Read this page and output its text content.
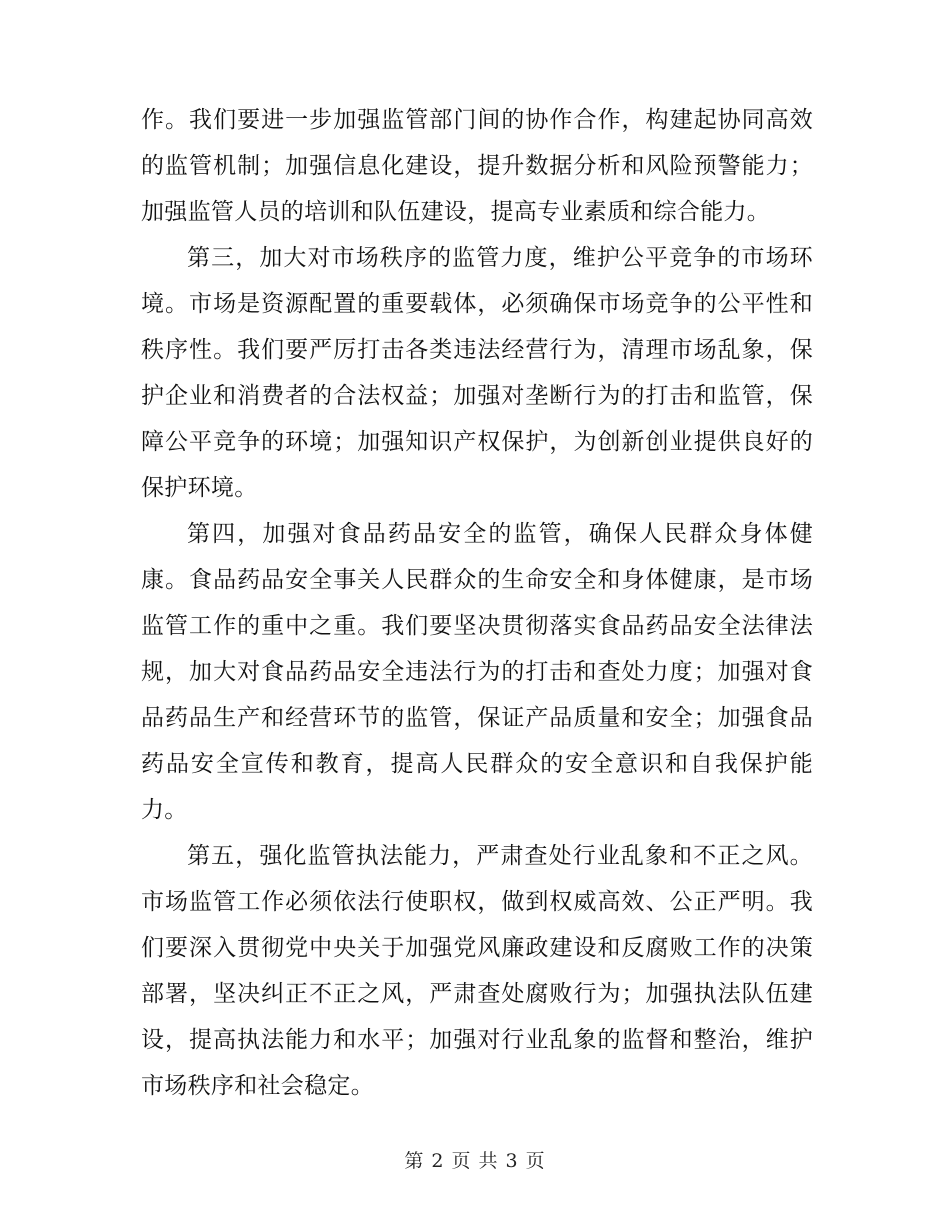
作。我们要进一步加强监管部门间的协作合作，构建起协同高效的监管机制；加强信息化建设，提升数据分析和风险预警能力；加强监管人员的培训和队伍建设，提高专业素质和综合能力。

第三，加大对市场秩序的监管力度，维护公平竞争的市场环境。市场是资源配置的重要载体，必须确保市场竞争的公平性和秩序性。我们要严厉打击各类违法经营行为，清理市场乱象，保护企业和消费者的合法权益；加强对垄断行为的打击和监管，保障公平竞争的环境；加强知识产权保护，为创新创业提供良好的保护环境。

第四，加强对食品药品安全的监管，确保人民群众身体健康。食品药品安全事关人民群众的生命安全和身体健康，是市场监管工作的重中之重。我们要坚决贯彻落实食品药品安全法律法规，加大对食品药品安全违法行为的打击和查处力度；加强对食品药品生产和经营环节的监管，保证产品质量和安全；加强食品药品安全宣传和教育，提高人民群众的安全意识和自我保护能力。

第五，强化监管执法能力，严肃查处行业乱象和不正之风。市场监管工作必须依法行使职权，做到权威高效、公正严明。我们要深入贯彻党中央关于加强党风廉政建设和反腐败工作的决策部署，坚决纠正不正之风，严肃查处腐败行为；加强执法队伍建设，提高执法能力和水平；加强对行业乱象的监督和整治，维护市场秩序和社会稳定。

第 2 页 共 3 页
